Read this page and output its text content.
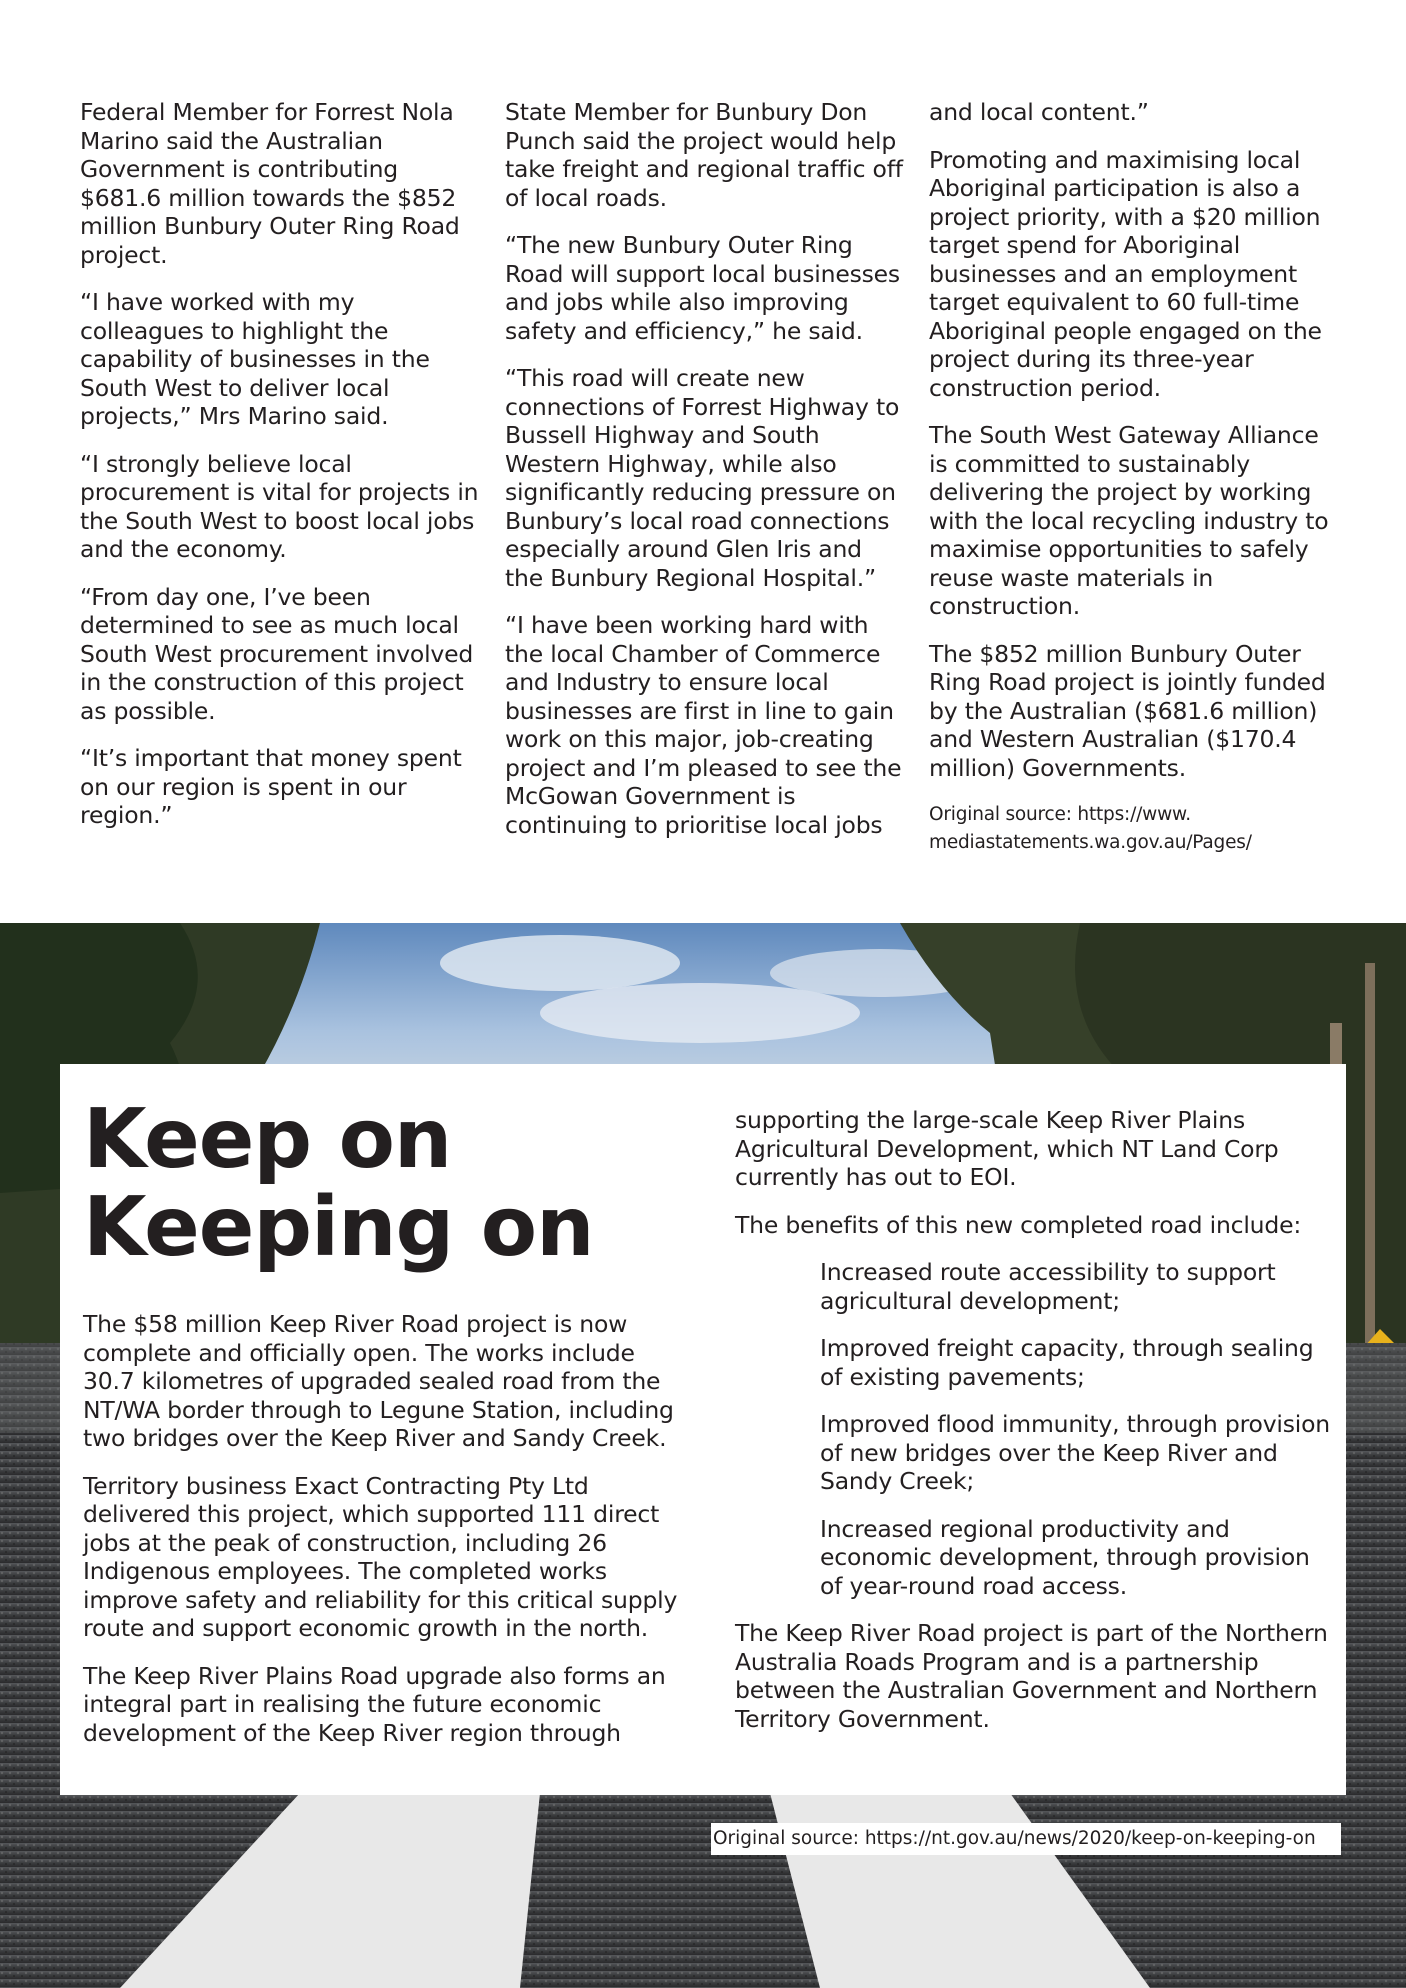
Federal Member for Forrest Nola Marino said the Australian Government is contributing $681.6 million towards the $852 million Bunbury Outer Ring Road project.

“I have worked with my colleagues to highlight the capability of businesses in the South West to deliver local projects,” Mrs Marino said.

“I strongly believe local procurement is vital for projects in the South West to boost local jobs and the economy.

“From day one, I’ve been determined to see as much local South West procurement involved in the construction of this project as possible.

“It’s important that money spent on our region is spent in our region.”

State Member for Bunbury Don Punch said the project would help take freight and regional traffic off of local roads.

“The new Bunbury Outer Ring Road will support local businesses and jobs while also improving safety and efficiency,” he said.

“This road will create new connections of Forrest Highway to Bussell Highway and South Western Highway, while also significantly reducing pressure on Bunbury’s local road connections especially around Glen Iris and the Bunbury Regional Hospital.”

“I have been working hard with the local Chamber of Commerce and Industry to ensure local businesses are first in line to gain work on this major, job-creating project and I’m pleased to see the McGowan Government is continuing to prioritise local jobs

and local content.”

Promoting and maximising local Aboriginal participation is also a project priority, with a $20 million target spend for Aboriginal businesses and an employment target equivalent to 60 full-time Aboriginal people engaged on the project during its three-year construction period.

The South West Gateway Alliance is committed to sustainably delivering the project by working with the local recycling industry to maximise opportunities to safely reuse waste materials in construction.

The $852 million Bunbury Outer Ring Road project is jointly funded by the Australian ($681.6 million) and Western Australian ($170.4 million) Governments.

Original source: https://www.
mediastatements.wa.gov.au/Pages/
Keep on
Keeping on

The $58 million Keep River Road project is now complete and officially open. The works include 30.7 kilometres of upgraded sealed road from the NT/WA border through to Legune Station, including two bridges over the Keep River and Sandy Creek.

Territory business Exact Contracting Pty Ltd delivered this project, which supported 111 direct jobs at the peak of construction, including 26 Indigenous employees. The completed works improve safety and reliability for this critical supply route and support economic growth in the north.

The Keep River Plains Road upgrade also forms an integral part in realising the future economic development of the Keep River region through

supporting the large-scale Keep River Plains Agricultural Development, which NT Land Corp currently has out to EOI.

The benefits of this new completed road include:

Increased route accessibility to support agricultural development;
Improved freight capacity, through sealing of existing pavements;
Improved flood immunity, through provision of new bridges over the Keep River and Sandy Creek;
Increased regional productivity and economic development, through provision of year-round road access.

The Keep River Road project is part of the Northern Australia Roads Program and is a partnership between the Australian Government and Northern Territory Government.

Original source: https://nt.gov.au/news/2020/keep-on-keeping-on
